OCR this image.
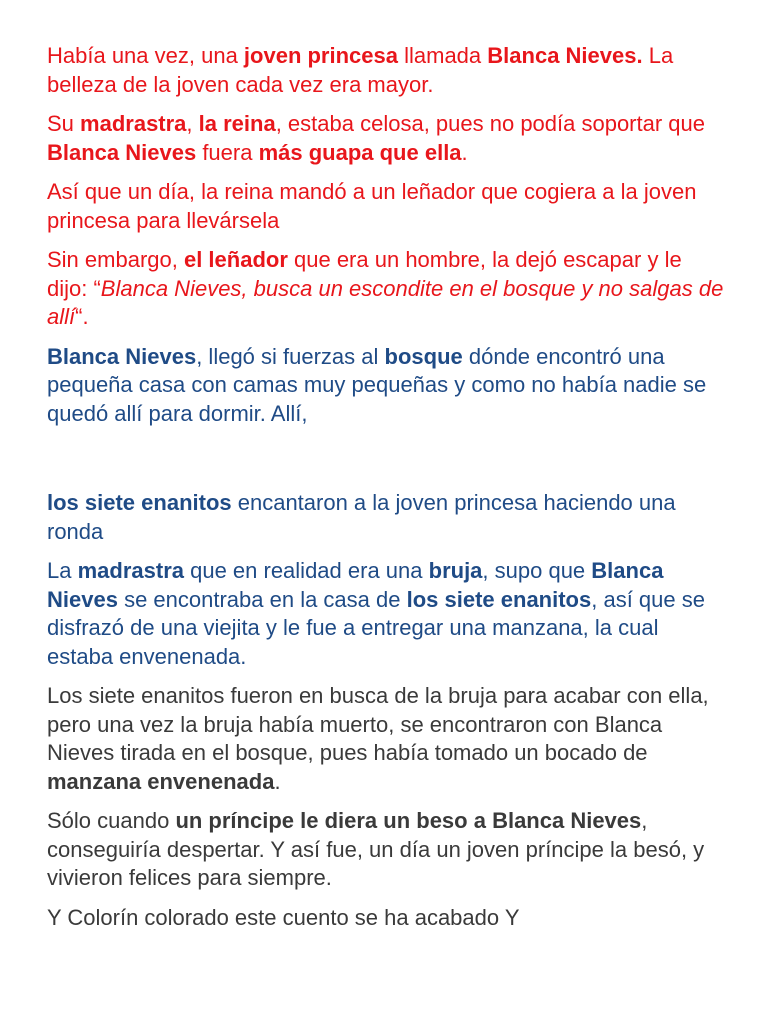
Había una vez, una joven princesa llamada Blanca Nieves. La belleza de la joven cada vez era mayor.

Su madrastra, la reina, estaba celosa, pues no podía soportar que Blanca Nieves fuera más guapa que ella.

Así que un día, la reina mandó a un leñador que cogiera a la joven princesa para llevársela

Sin embargo, el leñador que era un hombre, la dejó escapar y le dijo: “Blanca Nieves, busca un escondite en el bosque y no salgas de allí“.

Blanca Nieves, llegó si fuerzas al bosque dónde encontró una pequeña casa con camas muy pequeñas y como no había nadie se quedó allí para dormir. Allí,

los siete enanitos encantaron a la joven princesa haciendo una ronda

La madrastra que en realidad era una bruja, supo que Blanca Nieves se encontraba en la casa de los siete enanitos, así que se disfrazó de una viejita y le fue a entregar una manzana, la cual estaba envenenada.

Los siete enanitos fueron en busca de la bruja para acabar con ella, pero una vez la bruja había muerto, se encontraron con Blanca Nieves tirada en el bosque, pues había tomado un bocado de manzana envenenada.

Sólo cuando un príncipe le diera un beso a Blanca Nieves, conseguiría despertar. Y así fue, un día un joven príncipe la besó, y vivieron felices para siempre.

Y Colorín colorado este cuento se ha acabado Y
